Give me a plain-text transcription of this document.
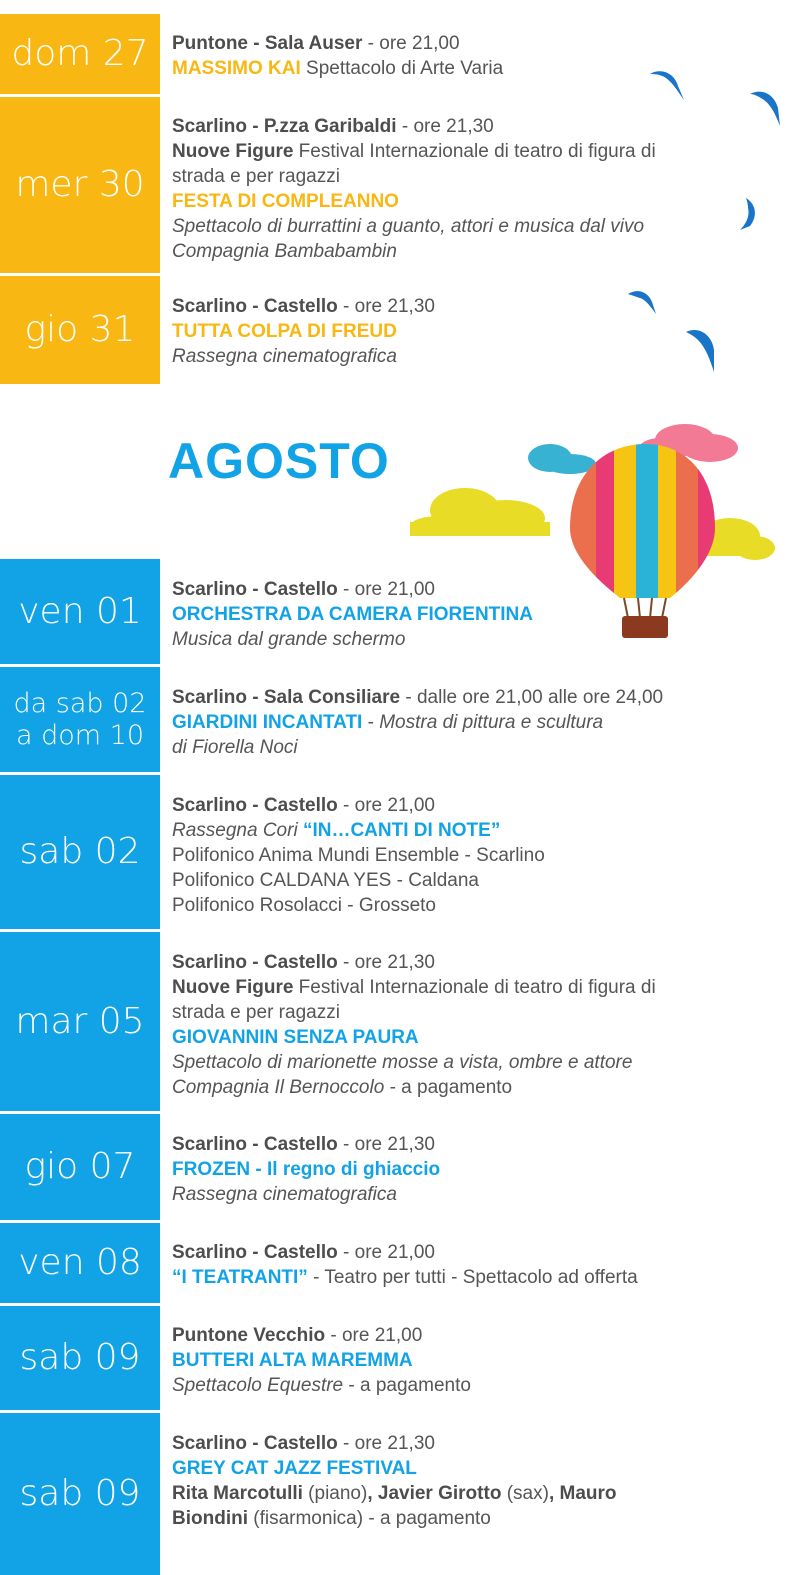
dom 27
mer 30
gio 31
Puntone - Sala Auser - ore 21,00
MASSIMO KAI Spettacolo di Arte Varia
Scarlino - P.zza Garibaldi - ore 21,30
Nuove Figure Festival Internazionale di teatro di figura di
strada e per ragazzi
FESTA DI COMPLEANNO
Spettacolo di burrattini a guanto, attori e musica dal vivo
Compagnia Bambabambin
Scarlino - Castello - ore 21,30
TUTTA COLPA DI FREUD
Rassegna cinematografica
AGOSTO
ven 01
da sab 02
a dom 10
sab 02
mar 05
gio 07
ven 08
sab 09
sab 09
Scarlino - Castello - ore 21,00
ORCHESTRA DA CAMERA FIORENTINA
Musica dal grande schermo
Scarlino - Sala Consiliare - dalle ore 21,00 alle ore 24,00
GIARDINI INCANTATI - Mostra di pittura e scultura
di Fiorella Noci
Scarlino - Castello - ore 21,00
Rassegna Cori “IN…CANTI DI NOTE”
Polifonico Anima Mundi Ensemble - Scarlino
Polifonico CALDANA YES - Caldana
Polifonico Rosolacci - Grosseto
Scarlino - Castello - ore 21,30
Nuove Figure Festival Internazionale di teatro di figura di
strada e per ragazzi
GIOVANNIN SENZA PAURA
Spettacolo di marionette mosse a vista, ombre e attore
Compagnia Il Bernoccolo - a pagamento
Scarlino - Castello - ore 21,30
FROZEN - Il regno di ghiaccio
Rassegna cinematografica
Scarlino - Castello - ore 21,00
“I TEATRANTI” - Teatro per tutti - Spettacolo ad offerta
Puntone Vecchio - ore 21,00
BUTTERI ALTA MAREMMA
Spettacolo Equestre - a pagamento
Scarlino - Castello - ore 21,30
GREY CAT JAZZ FESTIVAL
Rita Marcotulli (piano), Javier Girotto (sax), Mauro
Biondini (fisarmonica) - a pagamento
